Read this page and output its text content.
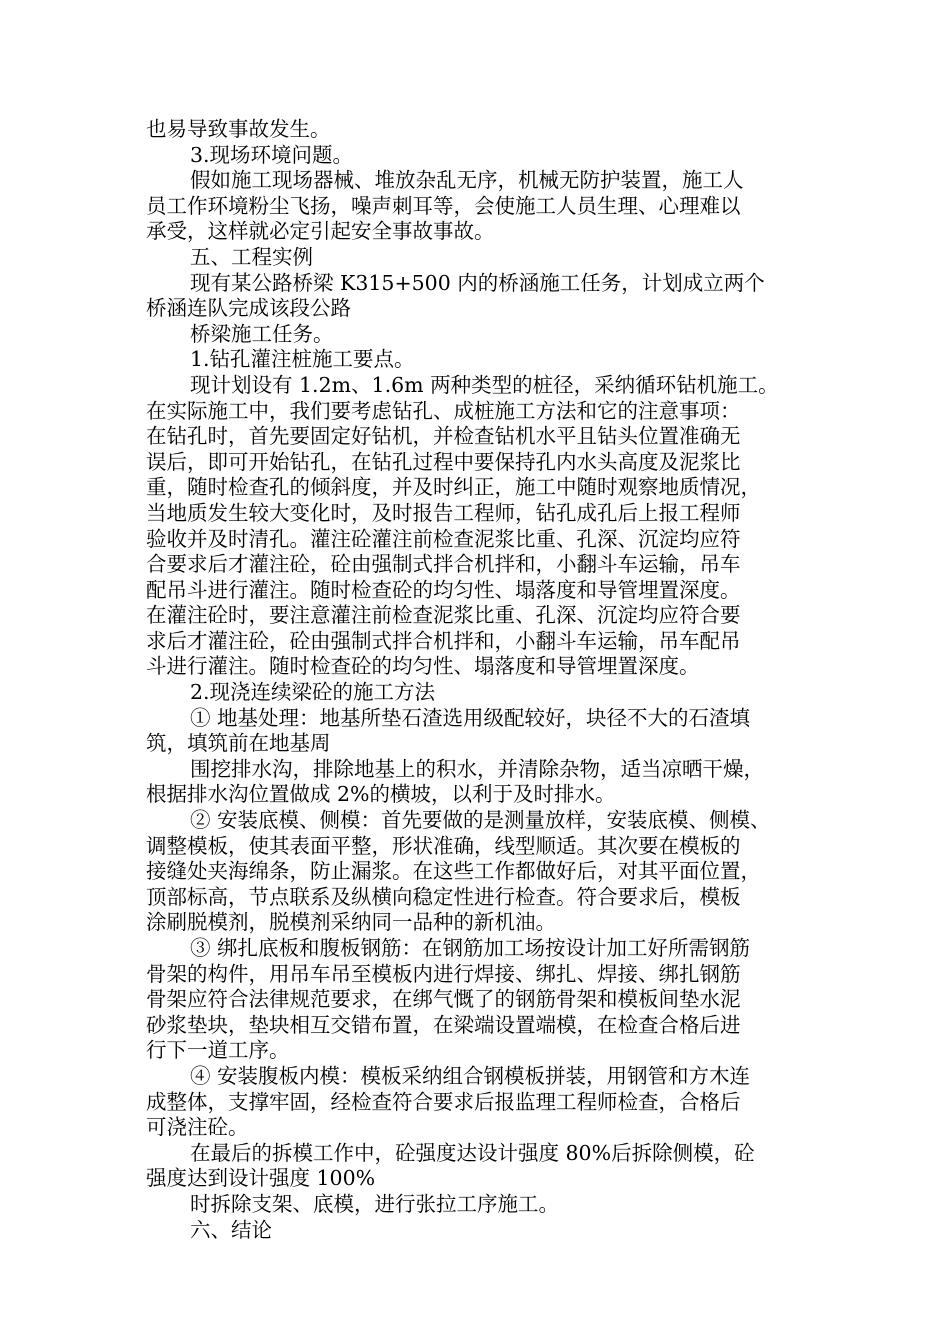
也易导致事故发生。
3.现场环境问题。
假如施工现场器械、堆放杂乱无序，机械无防护装置，施工人
员工作环境粉尘飞扬，噪声刺耳等，会使施工人员生理、心理难以
承受，这样就必定引起安全事故事故。
五、工程实例
现有某公路桥梁 K315+500 内的桥涵施工任务，计划成立两个
桥涵连队完成该段公路
桥梁施工任务。
1.钻孔灌注桩施工要点。
现计划设有 1.2m、1.6m 两种类型的桩径，采纳循环钻机施工。
在实际施工中，我们要考虑钻孔、成桩施工方法和它的注意事项：
在钻孔时，首先要固定好钻机，并检查钻机水平且钻头位置准确无
误后，即可开始钻孔，在钻孔过程中要保持孔内水头高度及泥浆比
重，随时检查孔的倾斜度，并及时纠正，施工中随时观察地质情况，
当地质发生较大变化时，及时报告工程师，钻孔成孔后上报工程师
验收并及时清孔。灌注砼灌注前检查泥浆比重、孔深、沉淀均应符
合要求后才灌注砼，砼由强制式拌合机拌和，小翻斗车运输，吊车
配吊斗进行灌注。随时检查砼的均匀性、塌落度和导管埋置深度。
在灌注砼时，要注意灌注前检查泥浆比重、孔深、沉淀均应符合要
求后才灌注砼，砼由强制式拌合机拌和，小翻斗车运输，吊车配吊
斗进行灌注。随时检查砼的均匀性、塌落度和导管埋置深度。
2.现浇连续梁砼的施工方法
① 地基处理：地基所垫石渣选用级配较好，块径不大的石渣填
筑，填筑前在地基周
围挖排水沟，排除地基上的积水，并清除杂物，适当凉晒干燥，
根据排水沟位置做成 2%的横坡，以利于及时排水。
② 安装底模、侧模：首先要做的是测量放样，安装底模、侧模、
调整模板，使其表面平整，形状准确，线型顺适。其次要在模板的
接缝处夹海绵条，防止漏浆。在这些工作都做好后，对其平面位置，
顶部标高，节点联系及纵横向稳定性进行检查。符合要求后，模板
涂刷脱模剂，脱模剂采纳同一品种的新机油。
③ 绑扎底板和腹板钢筋：在钢筋加工场按设计加工好所需钢筋
骨架的构件，用吊车吊至模板内进行焊接、绑扎、焊接、绑扎钢筋
骨架应符合法律规范要求，在绑气慨了的钢筋骨架和模板间垫水泥
砂浆垫块，垫块相互交错布置，在梁端设置端模，在检查合格后进
行下一道工序。
④ 安装腹板内模：模板采纳组合钢模板拼装，用钢管和方木连
成整体，支撑牢固，经检查符合要求后报监理工程师检查，合格后
可浇注砼。
在最后的拆模工作中，砼强度达设计强度 80%后拆除侧模，砼
强度达到设计强度 100%
时拆除支架、底模，进行张拉工序施工。
六、结论
